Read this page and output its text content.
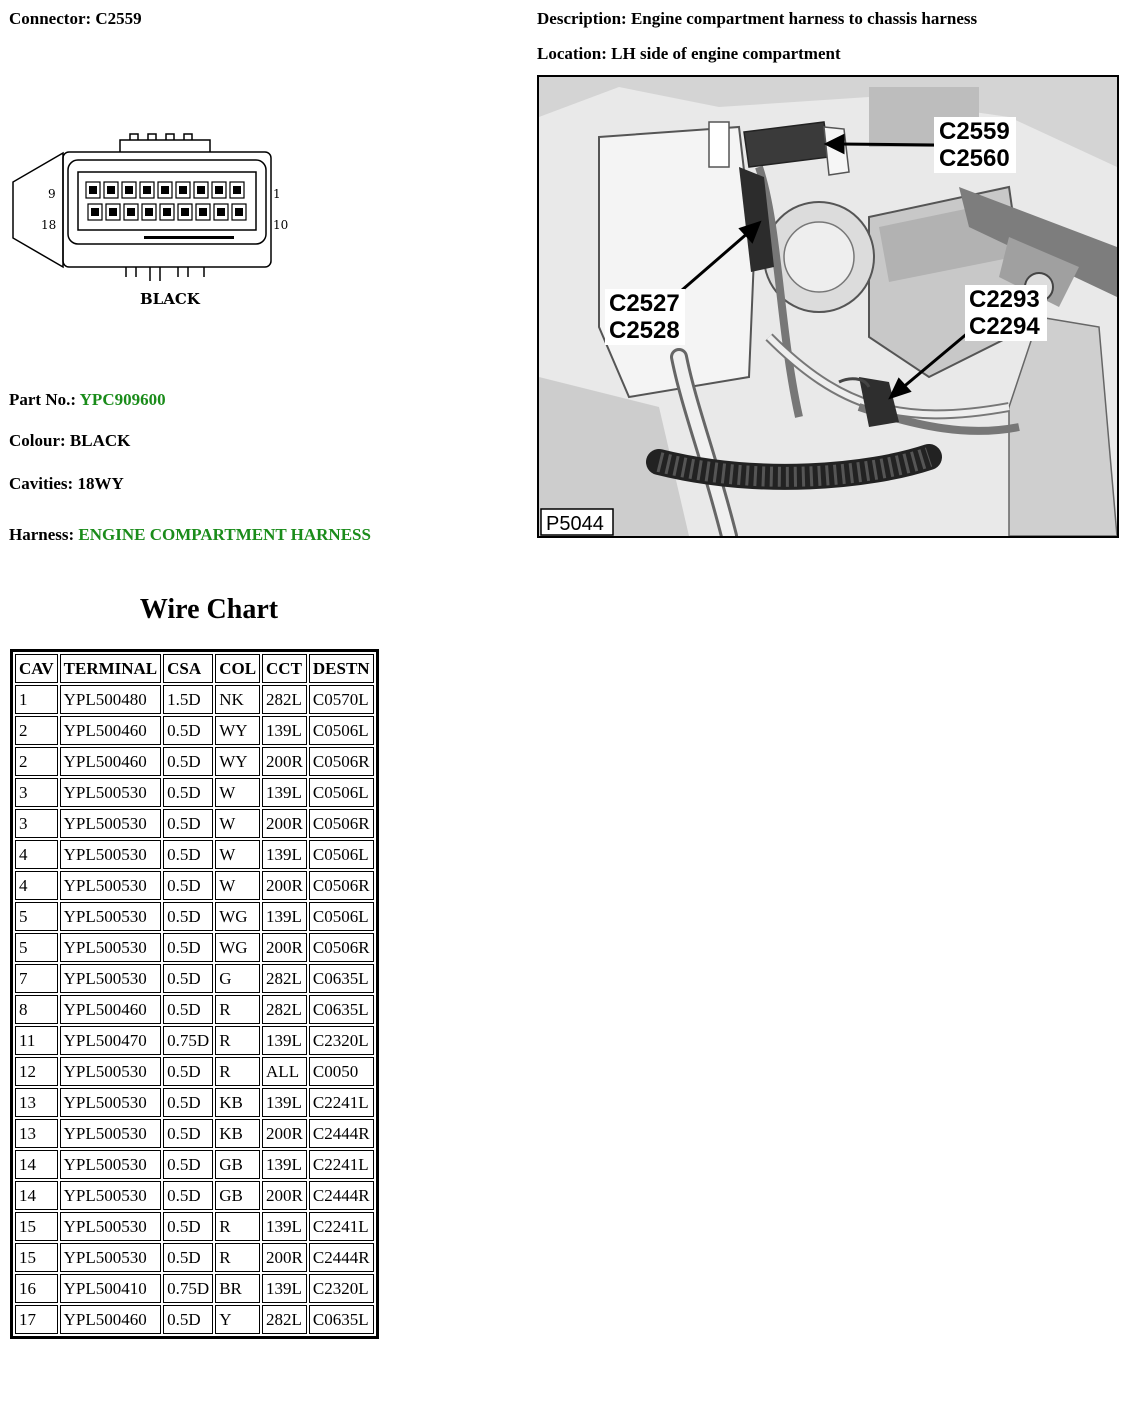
Connector: C2559	Description: Engine compartment harness to chassis harness
Location: LH side of engine compartment
9	1
18	10
BLACK
Part No.: YPC909600
Colour: BLACK
Cavities: 18WY
Harness: ENGINE COMPARTMENT HARNESS
C2559
C2560
C2527
C2528
C2293
C2294
P5044
Wire Chart
CAV	TERMINAL	CSA	COL	CCT	DESTN
1	YPL500480	1.5D	NK	282L	C0570L
2	YPL500460	0.5D	WY	139L	C0506L
2	YPL500460	0.5D	WY	200R	C0506R
3	YPL500530	0.5D	W	139L	C0506L
3	YPL500530	0.5D	W	200R	C0506R
4	YPL500530	0.5D	W	139L	C0506L
4	YPL500530	0.5D	W	200R	C0506R
5	YPL500530	0.5D	WG	139L	C0506L
5	YPL500530	0.5D	WG	200R	C0506R
7	YPL500530	0.5D	G	282L	C0635L
8	YPL500460	0.5D	R	282L	C0635L
11	YPL500470	0.75D	R	139L	C2320L
12	YPL500530	0.5D	R	ALL	C0050
13	YPL500530	0.5D	KB	139L	C2241L
13	YPL500530	0.5D	KB	200R	C2444R
14	YPL500530	0.5D	GB	139L	C2241L
14	YPL500530	0.5D	GB	200R	C2444R
15	YPL500530	0.5D	R	139L	C2241L
15	YPL500530	0.5D	R	200R	C2444R
16	YPL500410	0.75D	BR	139L	C2320L
17	YPL500460	0.5D	Y	282L	C0635L
